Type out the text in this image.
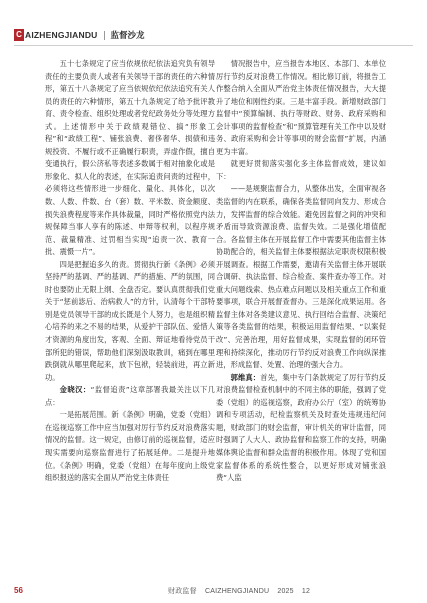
C AIZHENGJIANDU 监督沙龙

五十七条规定了应当依规依纪依法追究负有领导责任的主要负责人或者有关领导干部的责任的六种情形，第五十八条规定了应当依规依纪依法追究有关人员的责任的六种情形，第五十九条规定了给予批评教育、责令检查、组织处理或者党纪政务处分等处理方式。上述情形中关于政绩观错位、搞“形象工程”和“政绩工程”、铺张浪费、奢侈奢华、损债和违规投资、不履行或不正确履行职责，弄虚作假，擅自变通执行，假公济私等表述多数属于相对抽象化或是形象化、拟人化的表述，在实际追责问责的过程中，必须将这些情形进一步细化、量化、具体化，以次数、人数、件数、台（套）数、平米数、资金额度、损失浪费程度等来作具体裁量，同时严格依照党内法规保障当事人享有的陈述、申辩等权利，以程序规范、裁量精准、过罚相当实现“追责一次、教育一批、震慑一片”。

四是把握追多久的责。贯彻执行新《条例》必须坚持严的基调、严的基调、严的措施、严的氛围，同时也要防止无限上纲、全盘否定。要认真贯彻我们党关于“惩前毖后、治病救人”的方针，认清每个干部特别是党员领导干部的成长既是个人努力，也是组织精心培养的来之不易的结果，从爱护干部队伍、爱惜人才资源的角度出发，客观、全面、辩证地看待党员干部所犯的错误，帮助他们深刻汲取教训，痛到在哪里跌倒就从哪里爬起来，放下包袱，轻装前进，再立新功。

金晓汉：“监督追责”这章部署我最关注以下几点：

一是拓展范围。新《条例》明确，党委（党组）在巡视巡察工作中应当加强对厉行节约反对浪费落实情况的监督。这一规定，由修订前的巡视监督，适应现实需要向巡察监督进行了拓展延伸。二是提升地位。《条例》明确，党委（党组）在每年度向上级党组织报送的落实全面从严治党主体责任

情况报告中，应当报告本地区、本部门、本单位厉行节约反对浪费工作情况。相比修订前，将报告工作整合纳入全面从严治党主体责任情况报告，大大提升了地位和刚性约束。三是丰富手段。新增财政部门监督中“预算编制、执行等财政、财务、政府采购和会计事项的监督检查”和“预算管理有关工作中以及财务、政府采购和会计等事项的财会监督”扩展，内涵更为丰富。

就更好贯彻落实强化多主体监督成效，建议如下：

——是规聚监督合力，从整体出发，全面审视各类监督的内在联系，确保各类监督同向发力、形成合力，发挥监督的综合效能。避免因监督之间的冲突和矛盾而导致资源浪费、监督失效。二是强化增值配合。各监督主体在开展监督工作中需要其他监督主体协助配合的，相关监督主体要根据法定职责权限积极开展调查。根据工作需要，邀请有关监督主体开展联合调研、执法监督、综合检查、案件查办等工作。对重大问题线索、热点难点问题以及相关重点工作和重要事项，联合开展督查督办。三是深化成果运用。各监督主体对各类建议意见、执行回结合监督、决策纪策等各类监督的结果，积极运用监督结果、“以案促改”、完善治理，用好监督成果，实现监督的闭环管理和持续深化，推动厉行节约反对浪费工作向纵深推进，形成监督、处置、治理的强大合力。

郭维真：首先，集中专门条款规定了厉行节约反对浪费监督检查机制中的不同主体的职能，强调了党委（党组）的巡视巡察，政府办公厅（室）的统筹协调和专项活动，纪检监察机关及时查处违规违纪问题，财政部门的财会监督，审计机关的审计监督，同时强调了人大人、政协监督和监察工作的支持，明确媒体舆论监督和群众监督的积极作用。体现了党和国家监督体系的系统性整合，以更好形成对铺张浪费“人监

56	财政监督 CAIZHENGJIANDU 2025 12
